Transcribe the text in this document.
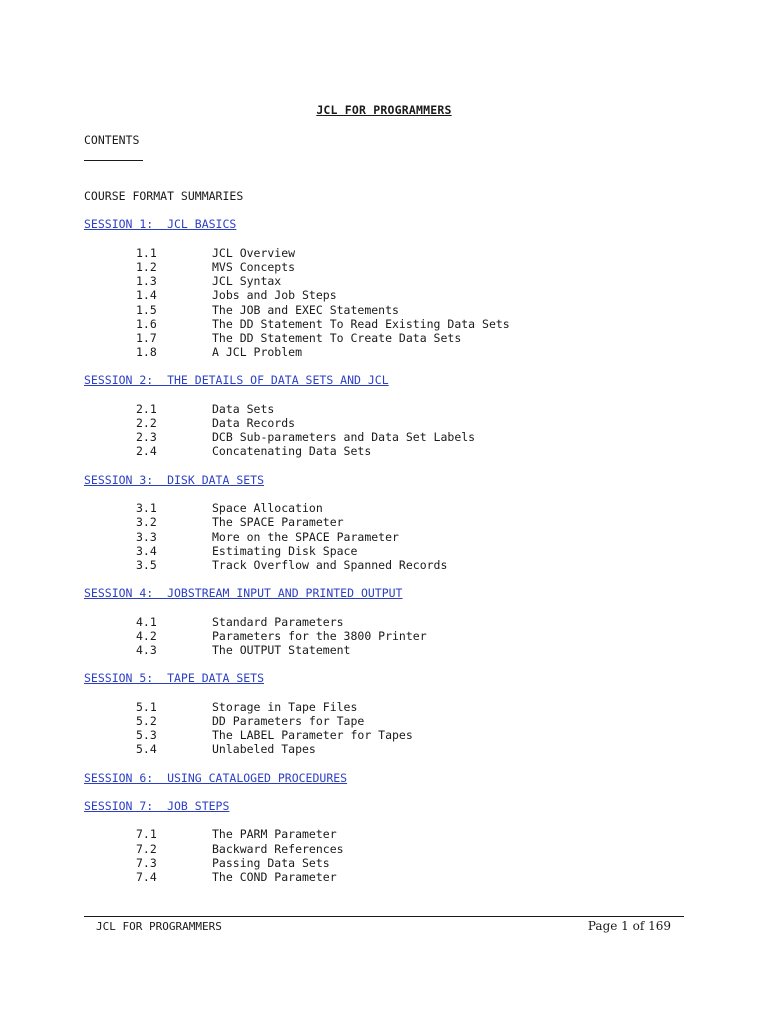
JCL FOR PROGRAMMERS
CONTENTS
COURSE FORMAT SUMMARIES
SESSION 1:  JCL BASICS
1.1	JCL Overview
1.2	MVS Concepts
1.3	JCL Syntax
1.4	Jobs and Job Steps
1.5	The JOB and EXEC Statements
1.6	The DD Statement To Read Existing Data Sets
1.7	The DD Statement To Create Data Sets
1.8	A JCL Problem
SESSION 2:  THE DETAILS OF DATA SETS AND JCL
2.1	Data Sets
2.2	Data Records
2.3	DCB Sub-parameters and Data Set Labels
2.4	Concatenating Data Sets
SESSION 3:  DISK DATA SETS
3.1	Space Allocation
3.2	The SPACE Parameter
3.3	More on the SPACE Parameter
3.4	Estimating Disk Space
3.5	Track Overflow and Spanned Records
SESSION 4:  JOBSTREAM INPUT AND PRINTED OUTPUT
4.1	Standard Parameters
4.2	Parameters for the 3800 Printer
4.3	The OUTPUT Statement
SESSION 5:  TAPE DATA SETS
5.1	Storage in Tape Files
5.2	DD Parameters for Tape
5.3	The LABEL Parameter for Tapes
5.4	Unlabeled Tapes
SESSION 6:  USING CATALOGED PROCEDURES
SESSION 7:  JOB STEPS
7.1	The PARM Parameter
7.2	Backward References
7.3	Passing Data Sets
7.4	The COND Parameter
JCL FOR PROGRAMMERS	Page 1 of 169
